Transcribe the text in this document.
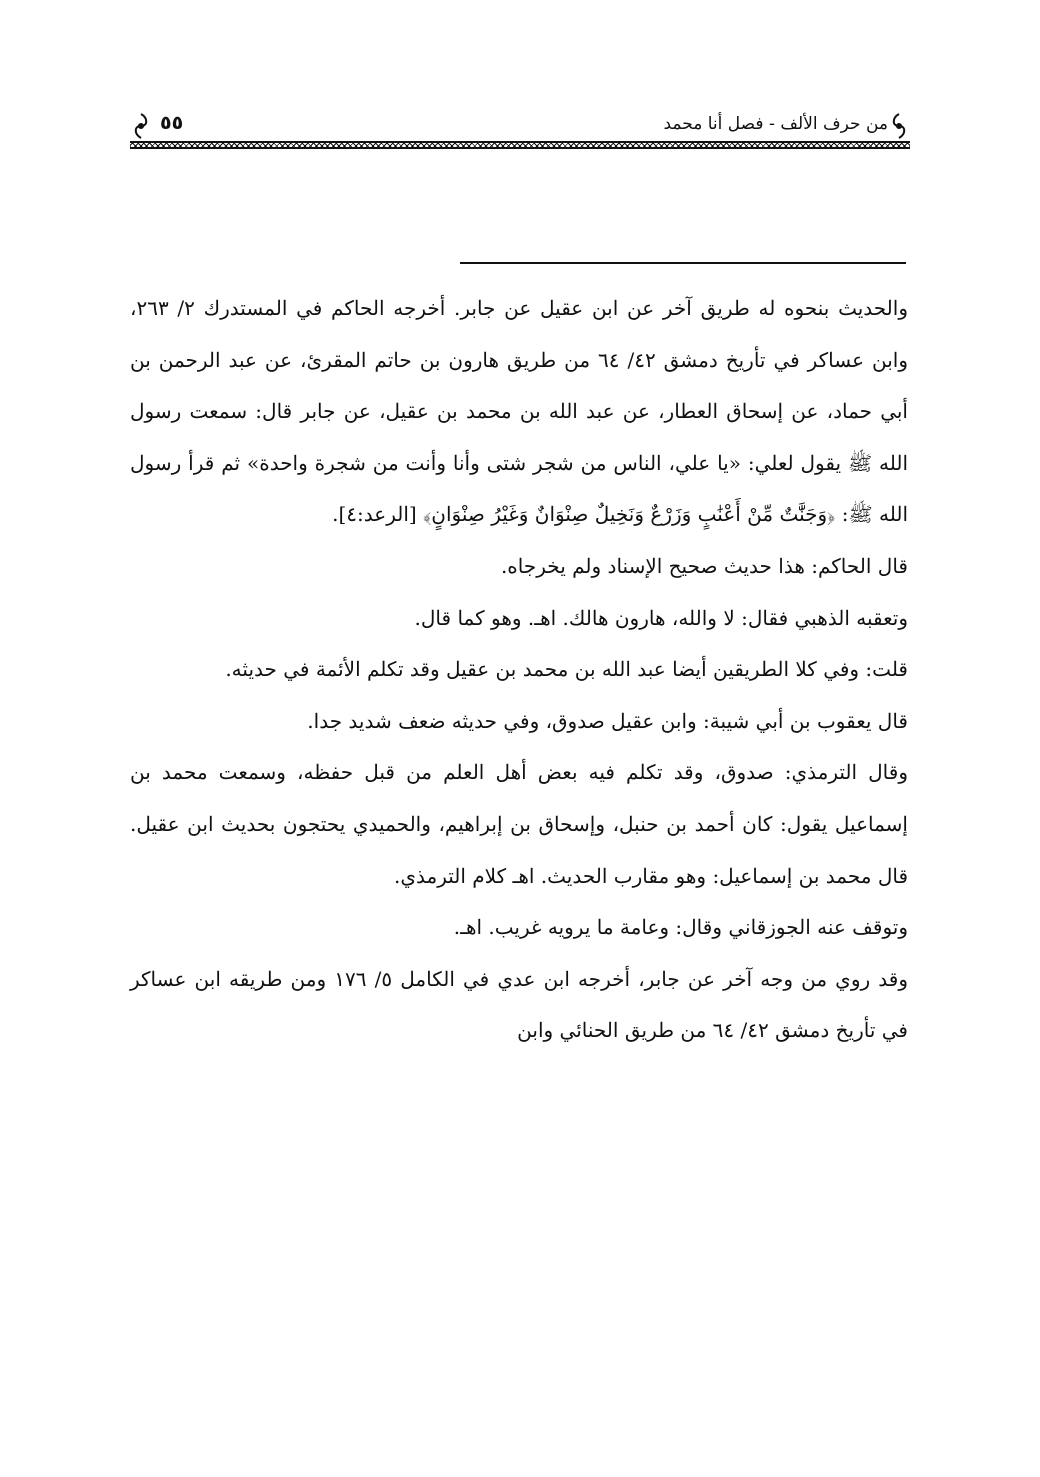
من حرف الألف - فصل أنا محمد
٥٥

والحديث بنحوه له طريق آخر عن ابن عقيل عن جابر. أخرجه الحاكم في المستدرك ٢/ ٢٦٣، وابن عساكر في تأريخ دمشق ٤٢/ ٦٤ من طريق هارون بن حاتم المقرئ، عن عبد الرحمن بن أبي حماد، عن إسحاق العطار، عن عبد الله بن محمد بن عقيل، عن جابر قال: سمعت رسول الله ﷺ يقول لعلي: «يا علي، الناس من شجر شتى وأنا وأنت من شجرة واحدة» ثم قرأ رسول الله ﷺ: ﴿وَجَنَّٰتٌ مِّنْ أَعْنَٰبٍ وَزَرْعٌ وَنَخِيلٌ صِنْوَانٌ وَغَيْرُ صِنْوَانٍ﴾ [الرعد:٤].

قال الحاكم: هذا حديث صحيح الإسناد ولم يخرجاه.

وتعقبه الذهبي فقال: لا والله، هارون هالك. اهـ. وهو كما قال.

قلت: وفي كلا الطريقين أيضا عبد الله بن محمد بن عقيل وقد تكلم الأئمة في حديثه.

قال يعقوب بن أبي شيبة: وابن عقيل صدوق، وفي حديثه ضعف شديد جدا.

وقال الترمذي: صدوق، وقد تكلم فيه بعض أهل العلم من قبل حفظه، وسمعت محمد بن إسماعيل يقول: كان أحمد بن حنبل، وإسحاق بن إبراهيم، والحميدي يحتجون بحديث ابن عقيل. قال محمد بن إسماعيل: وهو مقارب الحديث. اهـ كلام الترمذي.

وتوقف عنه الجوزقاني وقال: وعامة ما يرويه غريب. اهـ.

وقد روي من وجه آخر عن جابر، أخرجه ابن عدي في الكامل ٥/ ١٧٦ ومن طريقه ابن عساكر في تأريخ دمشق ٤٢/ ٦٤ من طريق الحنائي وابن
